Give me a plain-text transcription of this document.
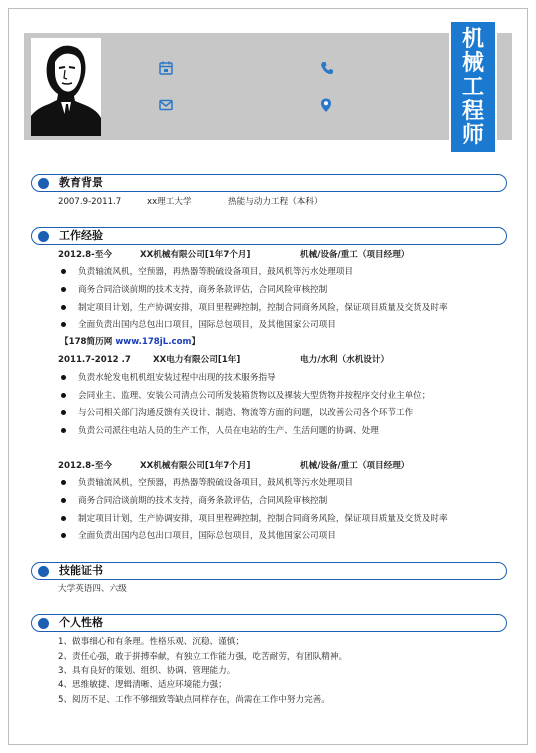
机
械
工
程
师
教育背景
2007.9-2011.7	xx理工大学	热能与动力工程（本科）
工作经验
2012.8-至今	XX机械有限公司[1年7个月]	机械/设备/重工（项目经理）
负责轴流风机，空预器，再热器等脱硫设备项目，鼓风机等污水处理项目
商务合同洽谈前期的技术支持，商务条款评估，合同风险审核控制
制定项目计划，生产协调安排，项目里程碑控制，控制合同商务风险，保证项目质量及交货及时率
全面负责出国内总包出口项目，国际总包项目，及其他国家公司项目
【178简历网 www.178jL.com】
2011.7-2012 .7	XX电力有限公司[1年]	电力/水利（水机设计）
负责水轮发电机机组安装过程中出现的技术服务指导
会同业主、监理、安装公司清点公司所发装箱货物以及裸装大型货物并按程序交付业主单位；
与公司相关部门沟通反馈有关设计、制造、物流等方面的问题，以改善公司各个环节工作
负责公司派往电站人员的生产工作，人员在电站的生产、生活问题的协调、处理
2012.8-至今	XX机械有限公司[1年7个月]	机械/设备/重工（项目经理）
负责轴流风机，空预器，再热器等脱硫设备项目，鼓风机等污水处理项目
商务合同洽谈前期的技术支持，商务条款评估，合同风险审核控制
制定项目计划，生产协调安排，项目里程碑控制，控制合同商务风险，保证项目质量及交货及时率
全面负责出国内总包出口项目，国际总包项目，及其他国家公司项目
技能证书
大学英语四、六级
个人性格
1、做事细心和有条理。性格乐观、沉稳、谨慎；
2、责任心强，敢于拼搏奉献，有独立工作能力强，吃苦耐劳，有团队精神。
3、具有良好的策划、组织、协调、管理能力。
4、思维敏捷、逻辑清晰、适应环境能力强；
5、阅历不足、工作不够细致等缺点同样存在，尚需在工作中努力完善。
